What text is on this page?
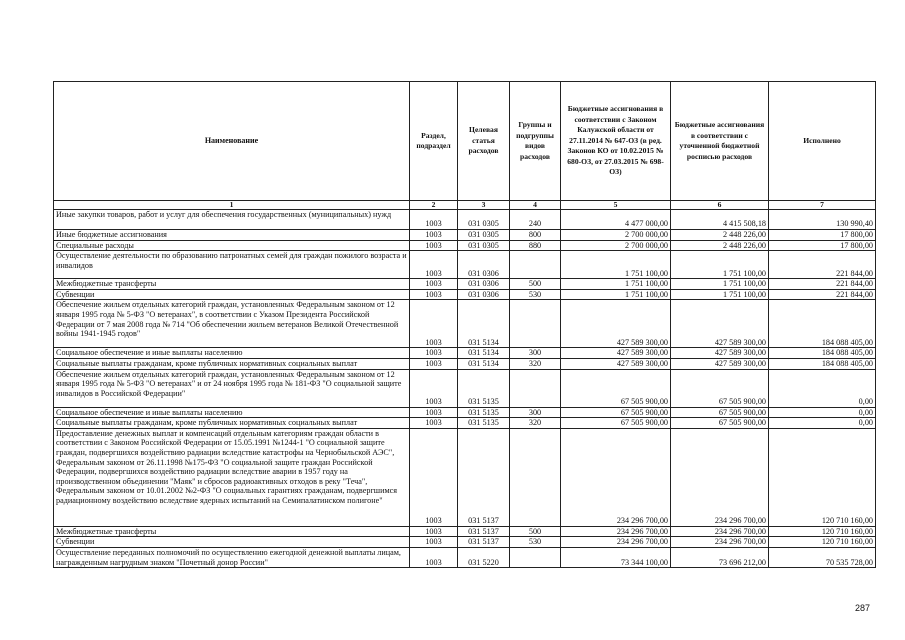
Наименование	Раздел, подраздел	Целевая статья расходов	Группы и подгруппы видов расходов	Бюджетные ассигнования в соответствии с Законом Калужской области от 27.11.2014 № 647-ОЗ (в ред. Законов КО от 10.02.2015 № 680-ОЗ, от 27.03.2015 № 698-ОЗ)	Бюджетные ассигнования в соответствии с уточненной бюджетной росписью расходов	Исполнено
1	2	3	4	5	6	7
Иные закупки товаров, работ и услуг для обеспечения государственных (муниципальных) нужд	1003	031 0305	240	4 477 000,00	4 415 508,18	130 990,40
Иные бюджетные ассигнования	1003	031 0305	800	2 700 000,00	2 448 226,00	17 800,00
Специальные расходы	1003	031 0305	880	2 700 000,00	2 448 226,00	17 800,00
Осуществление деятельности по образованию патронатных семей для граждан пожилого возраста и инвалидов	1003	031 0306		1 751 100,00	1 751 100,00	221 844,00
Межбюджетные трансферты	1003	031 0306	500	1 751 100,00	1 751 100,00	221 844,00
Субвенции	1003	031 0306	530	1 751 100,00	1 751 100,00	221 844,00
Обеспечение жильем отдельных категорий граждан, установленных Федеральным законом от 12 января 1995 года № 5-ФЗ "О ветеранах", в соответствии с Указом Президента Российской Федерации от 7 мая 2008 года № 714 "Об обеспечении жильем ветеранов Великой Отечественной войны 1941-1945 годов"	1003	031 5134		427 589 300,00	427 589 300,00	184 088 405,00
Социальное обеспечение и иные выплаты населению	1003	031 5134	300	427 589 300,00	427 589 300,00	184 088 405,00
Социальные выплаты гражданам, кроме публичных нормативных социальных выплат	1003	031 5134	320	427 589 300,00	427 589 300,00	184 088 405,00
Обеспечение жильем отдельных категорий граждан, установленных Федеральным законом от 12 января 1995 года № 5-ФЗ "О ветеранах" и от 24 ноября 1995 года № 181-ФЗ "О социальной защите инвалидов в Российской Федерации"	1003	031 5135		67 505 900,00	67 505 900,00	0,00
Социальное обеспечение и иные выплаты населению	1003	031 5135	300	67 505 900,00	67 505 900,00	0,00
Социальные выплаты гражданам, кроме публичных нормативных социальных выплат	1003	031 5135	320	67 505 900,00	67 505 900,00	0,00
Предоставление денежных выплат и компенсаций отдельным категориям граждан области в соответствии с Законом Российской Федерации от 15.05.1991 №1244-1 "О социальной защите граждан, подвергшихся воздействию радиации вследствие катастрофы на Чернобыльской АЭС", Федеральным законом от 26.11.1998 №175-ФЗ "О социальной защите граждан Российской Федерации, подвергшихся воздействию радиации вследствие аварии в 1957 году на производственном объединении "Маяк" и сбросов радиоактивных отходов в реку "Теча", Федеральным законом от 10.01.2002 №2-ФЗ "О социальных гарантиях гражданам, подвергшимся радиационному воздействию вследствие ядерных испытаний на Семипалатинском полигоне"	1003	031 5137		234 296 700,00	234 296 700,00	120 710 160,00
Межбюджетные трансферты	1003	031 5137	500	234 296 700,00	234 296 700,00	120 710 160,00
Субвенции	1003	031 5137	530	234 296 700,00	234 296 700,00	120 710 160,00
Осуществление переданных полномочий по осуществлению ежегодной денежной выплаты лицам, награжденным нагрудным знаком "Почетный донор России"	1003	031 5220		73 344 100,00	73 696 212,00	70 535 728,00
287
